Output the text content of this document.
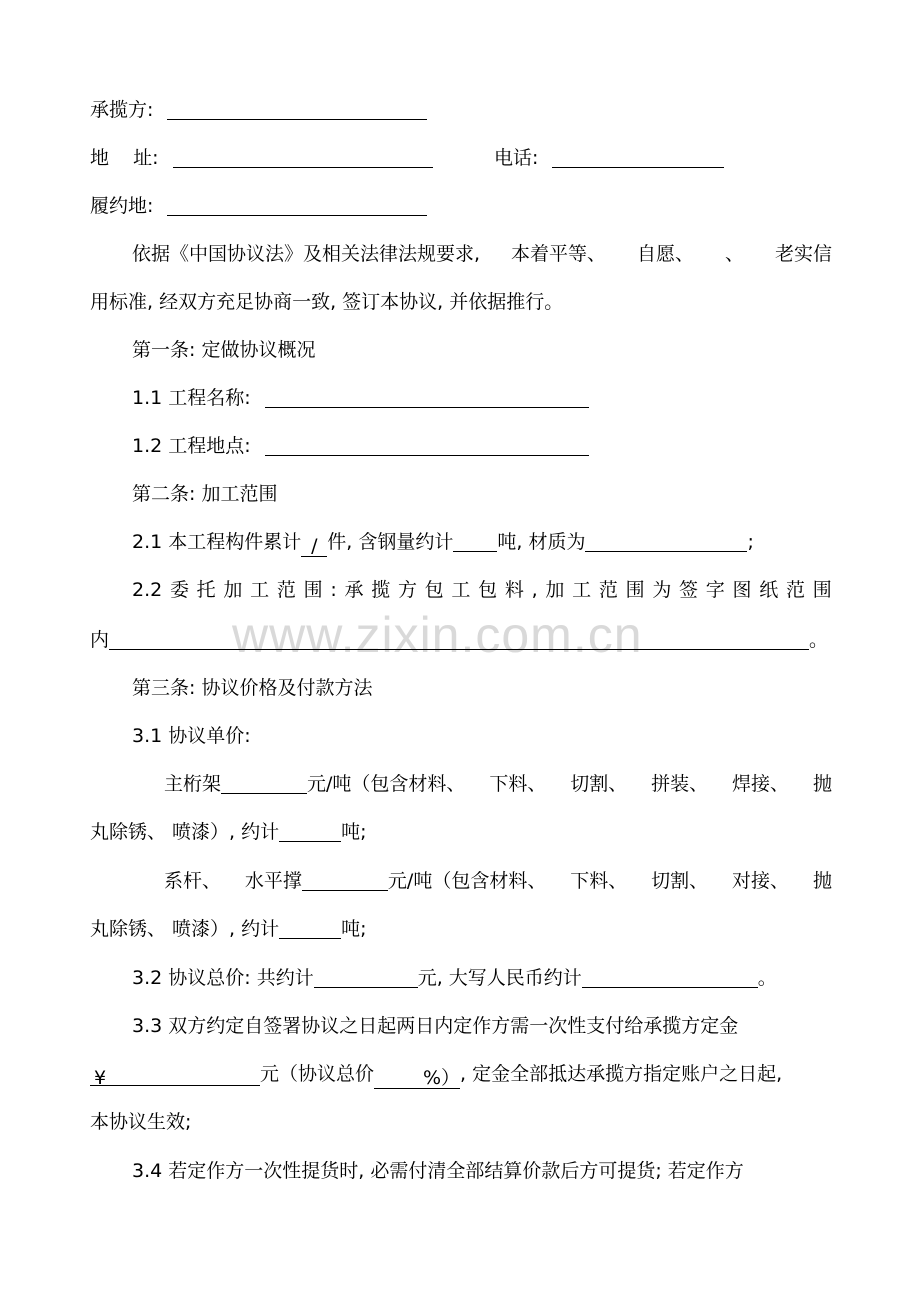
www.zixin.com.cn
承揽方:
地    址:	电话:
履约地:
依据《中国协议法》及相关法律法规要求, 本着平等、 自愿、 、 老实信
用标准, 经双方充足协商一致, 签订本协议, 并依据推行。
第一条: 定做协议概况
1.1 工程名称:
1.2 工程地点:
第二条: 加工范围
2.1 本工程构件累计 / 件, 含钢量约计 吨, 材质为	;
2.2 委 托 加 工 范 围 : 承 揽 方 包 工 包 料 , 加 工 范 围 为 签 字 图 纸 范 围
内	。
第三条: 协议价格及付款方法
3.1 协议单价:
主桁架	元/吨（包含材料、 下料、 切割、 拼装、 焊接、 抛
丸除锈、 喷漆）, 约计	吨;
系杆、 水平撑	元/吨（包含材料、 下料、 切割、 对接、 抛
丸除锈、 喷漆）, 约计	吨;
3.2 协议总价: 共约计	元, 大写人民币约计	。
3.3 双方约定自签署协议之日起两日内定作方需一次性支付给承揽方定金
¥	元（协议总价	%）, 定金全部抵达承揽方指定账户之日起,
本协议生效;
3.4 若定作方一次性提货时, 必需付清全部结算价款后方可提货; 若定作方
